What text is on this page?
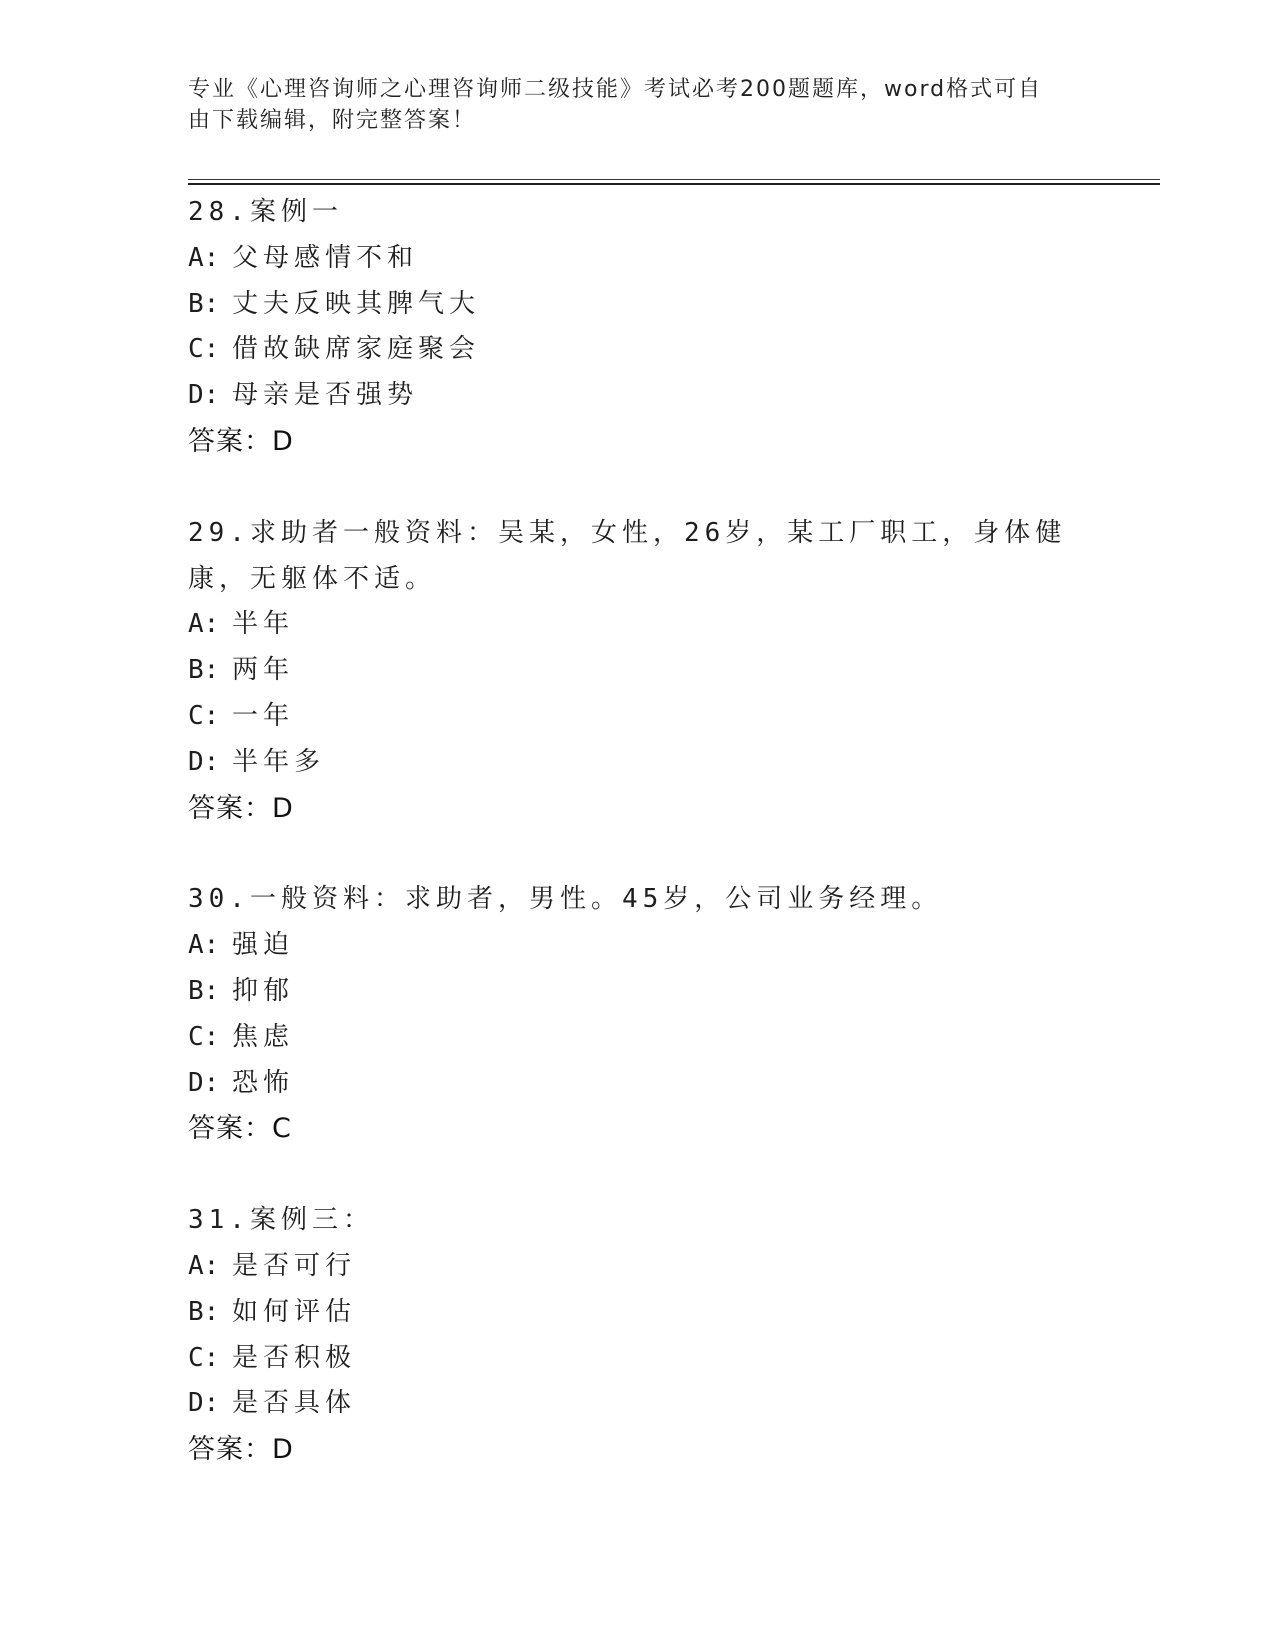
专业《心理咨询师之心理咨询师二级技能》考试必考200题题库，word格式可自
由下载编辑，附完整答案！
28.案例一
A: 父母感情不和
B: 丈夫反映其脾气大
C: 借故缺席家庭聚会
D: 母亲是否强势
答案：D
29.求助者一般资料：吴某，女性，26岁，某工厂职工，身体健康，无躯体不适。
A: 半年
B: 两年
C: 一年
D: 半年多
答案：D
30.一般资料：求助者，男性。45岁，公司业务经理。
A: 强迫
B: 抑郁
C: 焦虑
D: 恐怖
答案：C
31.案例三：
A: 是否可行
B: 如何评估
C: 是否积极
D: 是否具体
答案：D
